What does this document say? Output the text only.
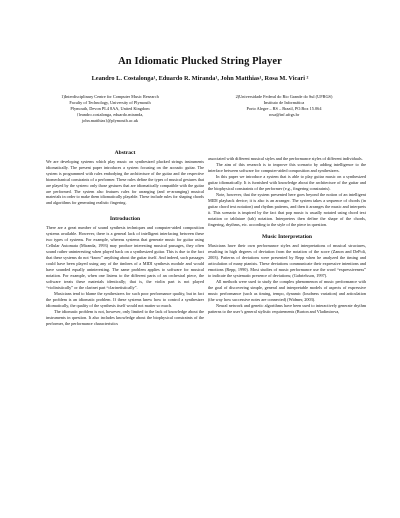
An Idiomatic Plucked String Player
Leandro L. Costalonga¹, Eduardo R. Miranda¹, John Matthias¹, Rosa M. Vicari ²
1)Interdisciplinary Centre for Computer Music Research
Faculty of Technology, University of Plymouth
Plymouth, Devon PL4 8AA, United Kingdom
{leandro.costalonga, eduardo.miranda,
john.matthias}@plymouth.ac.uk
2)Universidade Federal do Rio Grande do Sul (UFRGS)
Instituto de Informática
Porto Alegre – RS – Brazil, PO.Box 15.064
rosa@inf.ufrgs.br
Abstract

We are developing systems which play music on synthesized plucked strings instruments idiomatically. The present paper introduces a system focusing on the acoustic guitar. The system is programmed with rules embodying the architecture of the guitar and the respective biomechanical constraints of a performer. These rules define the types of musical gestures that are played by the system: only those gestures that are idiomatically compatible with the guitar are performed. The system also features rules for arranging (and re-arranging) musical materials in order to make them idiomatically playable. These include rules for shaping chords and algorithms for generating realistic fingering.

Introduction

There are a great number of sound synthesis techniques and computer-aided composition systems available. However, there is a general lack of intelligent interfacing between these two types of systems. For example, whereas systems that generate music for guitar using Cellular Automata (Miranda, 1993) may produce interesting musical passages, they often sound rather uninteresting when played back on a synthesized guitar. This is due to the fact that these systems do not “know” anything about the guitar itself. And indeed, such passages could have been played using any of the timbres of a MIDI synthesis module and would have sounded equally uninteresting. The same problem applies to software for musical notation. For example, when one listens to the different parts of an orchestral piece, the software treats these materials identically; that is, the violin part is not played “violinistically” or the clarinet part “clarinetistically”.

Musicians tend to blame the synthesizers for such poor performance quality, but in fact the problem is an idiomatic problem. If these systems knew how to control a synthesizer idiomatically, the quality of the synthesis itself would not matter so much.

The idiomatic problem is not, however, only limited to the lack of knowledge about the instruments in question. It also includes knowledge about the biophysical constraints of the performer, the performance characteristics

associated with different musical styles and the performance styles of different individuals.

The aim of this research is to improve this scenario by adding intelligence to the interface between software for computer-aided composition and synthesizers.

In this paper we introduce a system that is able to play guitar music on a synthesized guitar idiomatically. It is furnished with knowledge about the architecture of the guitar and the biophysical constraints of the performer (e.g., fingering constraints).

Note, however, that the system presented here goes beyond the notion of an intelligent MIDI playback device; it is also is an arranger. The system takes a sequence of chords (in guitar chord text notation) and rhythm patterns, and then it arranges the music and interprets it. This scenario is inspired by the fact that pop music is usually notated using chord text notation or tablature (tab) notation. Interpreters then define the shape of the chords, fingering, rhythms, etc. according to the style of the piece in question.

Music Interpretation

Musicians have their own performance styles and interpretations of musical structures, resulting in high degrees of deviation from the notation of the score (Zanon and DePoli, 2003). Patterns of deviations were presented by Repp when he analyzed the timing and articulation of many pianists. These deviations communicate their expressive intentions and emotions (Repp, 1990). Most studies of music performance use the word “expressiveness” to indicate the systematic presence of deviations; (Gabrielsson, 1997).

All methods were used to study the complex phenomenon of music performance with the goal of discovering simple, general and interpretable models of aspects of expressive music performance (such as timing, tempo, dynamic (loudness variation) and articulation (the way how successive notes are connected) (Widmer, 2003).

Neural network and genetic algorithms have been used to interactively generate rhythm patterns to the user’s general stylistic requirements (Burton and Vladimirova,
